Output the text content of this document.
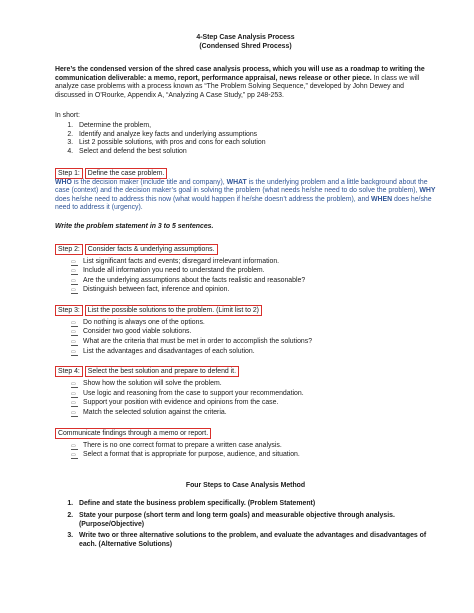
4-Step Case Analysis Process

(Condensed Shred Process)

Here’s the condensed version of the shred case analysis process, which you will use as a roadmap to writing the communication deliverable: a memo, report, performance appraisal, news release or other piece. In class we will analyze case problems with a process known as “The Problem Solving Sequence,” developed by John Dewey and discussed in O’Rourke, Appendix A, “Analyzing A Case Study,” pp 248-253.

In short:

1. Determine the problem,
2. Identify and analyze key facts and underlying assumptions
3. List 2 possible solutions, with pros and cons for each solution
4. Select and defend the best solution

Step 1: Define the case problem.

WHO is the decision maker (include title and company), WHAT is the underlying problem and a little background about the case (context) and the decision maker’s goal in solving the problem (what needs he/she need to do solve the problem), WHY does he/she need to address this now (what would happen if he/she doesn’t address the problem), and WHEN does he/she need to address it (urgency).

Write the problem statement in 3 to 5 sentences.

Step 2: Consider facts & underlying assumptions.

▭	List significant facts and events; disregard irrelevant information.
▭	Include all information you need to understand the problem.
▭	Are the underlying assumptions about the facts realistic and reasonable?
▭	Distinguish between fact, inference and opinion.

Step 3: List the possible solutions to the problem. (Limit list to 2)

▭	Do nothing is always one of the options.
▭	Consider two good viable solutions.
▭	What are the criteria that must be met in order to accomplish the solutions?
▭	List the advantages and disadvantages of each solution.

Step 4: Select the best solution and prepare to defend it.

▭	Show how the solution will solve the problem.
▭	Use logic and reasoning from the case to support your recommendation.
▭	Support your position with evidence and opinions from the case.
▭	Match the selected solution against the criteria.

Communicate findings through a memo or report.

▭	There is no one correct format to prepare a written case analysis.
▭	Select a format that is appropriate for purpose, audience, and situation.

Four Steps to Case Analysis Method

1. Define and state the business problem specifically. (Problem Statement)
2. State your purpose (short term and long term goals) and measurable objective through analysis. (Purpose/Objective)
3. Write two or three alternative solutions to the problem, and evaluate the advantages and disadvantages of each. (Alternative Solutions)
